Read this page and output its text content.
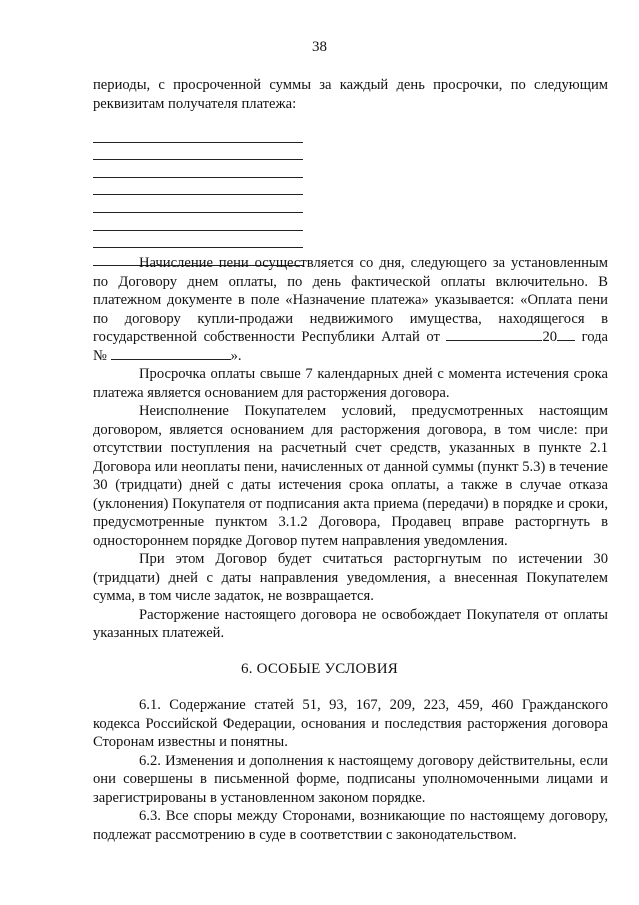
38

периоды, с просроченной суммы за каждый день просрочки, по следующим реквизитам получателя платежа:

Начисление пени осуществляется со дня, следующего за установленным по Договору днем оплаты, по день фактической оплаты включительно. В платежном документе в поле «Назначение платежа» указывается: «Оплата пени по договору купли-продажи недвижимого имущества, находящегося в государственной собственности Республики Алтай от	20 года №	».

Просрочка оплаты свыше 7 календарных дней с момента истечения срока платежа является основанием для расторжения договора.

Неисполнение Покупателем условий, предусмотренных настоящим договором, является основанием для расторжения договора, в том числе: при отсутствии поступления на расчетный счет средств, указанных в пункте 2.1 Договора или неоплаты пени, начисленных от данной суммы (пункт 5.3) в течение 30 (тридцати) дней с даты истечения срока оплаты, а также в случае отказа (уклонения) Покупателя от подписания акта приема (передачи) в порядке и сроки, предусмотренные пунктом 3.1.2 Договора, Продавец вправе расторгнуть в одностороннем порядке Договор путем направления уведомления.

При этом Договор будет считаться расторгнутым по истечении 30 (тридцати) дней с даты направления уведомления, а внесенная Покупателем сумма, в том числе задаток, не возвращается.

Расторжение настоящего договора не освобождает Покупателя от оплаты указанных платежей.

6. ОСОБЫЕ УСЛОВИЯ

6.1. Содержание статей 51, 93, 167, 209, 223, 459, 460 Гражданского кодекса Российской Федерации, основания и последствия расторжения договора Сторонам известны и понятны.

6.2. Изменения и дополнения к настоящему договору действительны, если они совершены в письменной форме, подписаны уполномоченными лицами и зарегистрированы в установленном законом порядке.

6.3. Все споры между Сторонами, возникающие по настоящему договору, подлежат рассмотрению в суде в соответствии с законодательством.
